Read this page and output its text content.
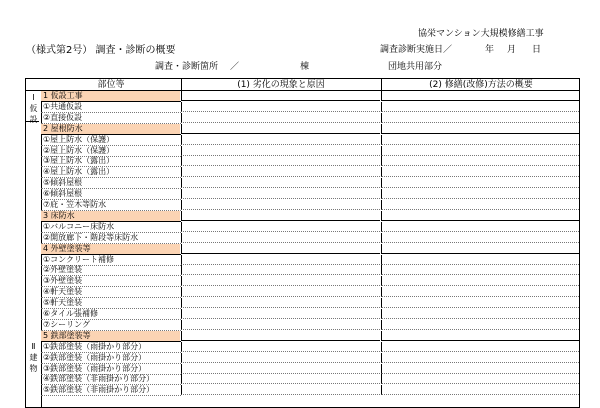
協栄マンション大規模修繕工事
（様式第2号） 調査・診断の概要	調査診断実施日／	年 月 日
調査・診断箇所 ／	棟	団地共用部分
部位等	(1) 劣化の現象と原因	(2) 修繕(改修)方法の概要
Ⅰ
仮
設
Ⅱ
建
物
1 仮設工事
①共通仮設
②直接仮設
2 屋根防水
①屋上防水（保護）
②屋上防水（保護）
③屋上防水（露出）
④屋上防水（露出）
⑤傾斜屋根
⑥傾斜屋根
⑦庇・笠木等防水
3 床防水
①バルコニー床防水
②開放廊下・階段等床防水
4 外壁塗装等
①コンクリート補修
②外壁塗装
③外壁塗装
④軒天塗装
⑤軒天塗装
⑥タイル張補修
⑦シーリング
5 鉄部塗装等
①鉄部塗装（雨掛かり部分）
②鉄部塗装（雨掛かり部分）
③鉄部塗装（雨掛かり部分）
④鉄部塗装（非雨掛かり部分）
⑤鉄部塗装（非雨掛かり部分）
